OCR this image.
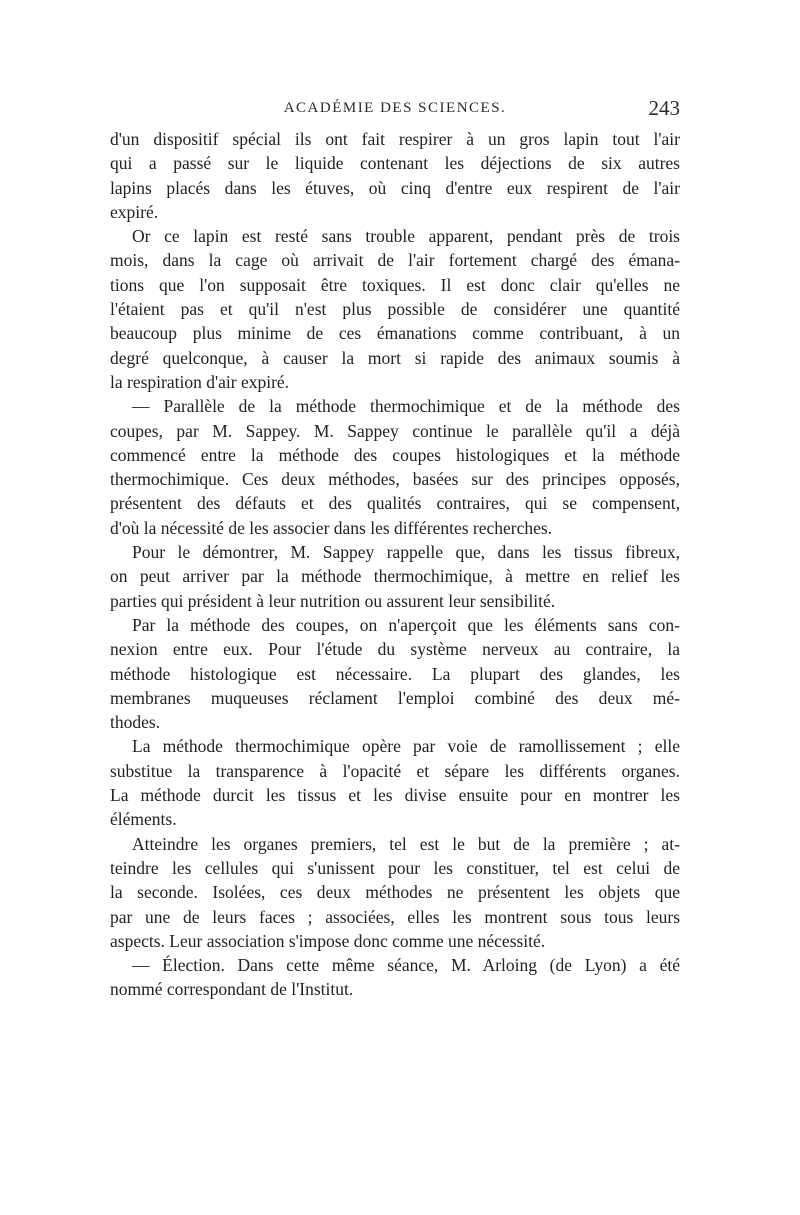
ACADÉMIE DES SCIENCES.	243
d'un dispositif spécial ils ont fait respirer à un gros lapin tout l'air
qui a passé sur le liquide contenant les déjections de six autres
lapins placés dans les étuves, où cinq d'entre eux respirent de l'air
expiré.
Or ce lapin est resté sans trouble apparent, pendant près de trois
mois, dans la cage où arrivait de l'air fortement chargé des émana-
tions que l'on supposait être toxiques. Il est donc clair qu'elles ne
l'étaient pas et qu'il n'est plus possible de considérer une quantité
beaucoup plus minime de ces émanations comme contribuant, à un
degré quelconque, à causer la mort si rapide des animaux soumis à
la respiration d'air expiré.
— Parallèle de la méthode thermochimique et de la méthode des
coupes, par M. Sappey. M. Sappey continue le parallèle qu'il a déjà
commencé entre la méthode des coupes histologiques et la méthode
thermochimique. Ces deux méthodes, basées sur des principes opposés,
présentent des défauts et des qualités contraires, qui se compensent,
d'où la nécessité de les associer dans les différentes recherches.
Pour le démontrer, M. Sappey rappelle que, dans les tissus fibreux,
on peut arriver par la méthode thermochimique, à mettre en relief les
parties qui président à leur nutrition ou assurent leur sensibilité.
Par la méthode des coupes, on n'aperçoit que les éléments sans con-
nexion entre eux. Pour l'étude du système nerveux au contraire, la
méthode histologique est nécessaire. La plupart des glandes, les
membranes muqueuses réclament l'emploi combiné des deux mé-
thodes.
La méthode thermochimique opère par voie de ramollissement ; elle
substitue la transparence à l'opacité et sépare les différents organes.
La méthode durcit les tissus et les divise ensuite pour en montrer les
éléments.
Atteindre les organes premiers, tel est le but de la première ; at-
teindre les cellules qui s'unissent pour les constituer, tel est celui de
la seconde. Isolées, ces deux méthodes ne présentent les objets que
par une de leurs faces ; associées, elles les montrent sous tous leurs
aspects. Leur association s'impose donc comme une nécessité.
— Élection. Dans cette même séance, M. Arloing (de Lyon) a été
nommé correspondant de l'Institut.
